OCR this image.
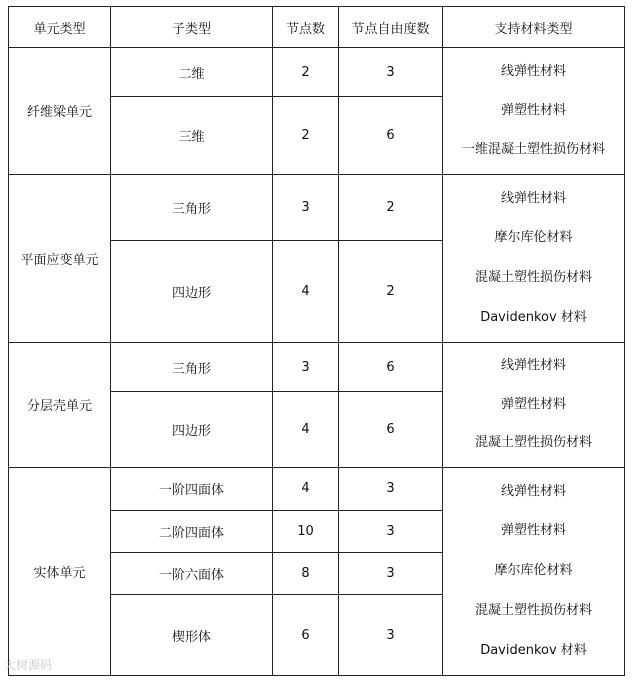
单元类型	子类型	节点数	节点自由度数	支持材料类型
纤维梁单元	二维	2	3	线弹性材料
弹塑性材料
一维混凝土塑性损伤材料

	三维	2	6	
平面应变单元	三角形	3	2	线弹性材料
摩尔库伦材料
混凝土塑性损伤材料
Davidenkov 材料

	四边形	4	2	
分层壳单元	三角形	3	6	线弹性材料
弹塑性材料
混凝土塑性损伤材料

	四边形	4	6	
实体单元	一阶四面体	4	3	线弹性材料
弹塑性材料
摩尔库伦材料
混凝土塑性损伤材料
Davidenkov 材料

	二阶四面体	10	3	
	一阶六面体	8	3	
	楔形体	6	3	
大树源码
